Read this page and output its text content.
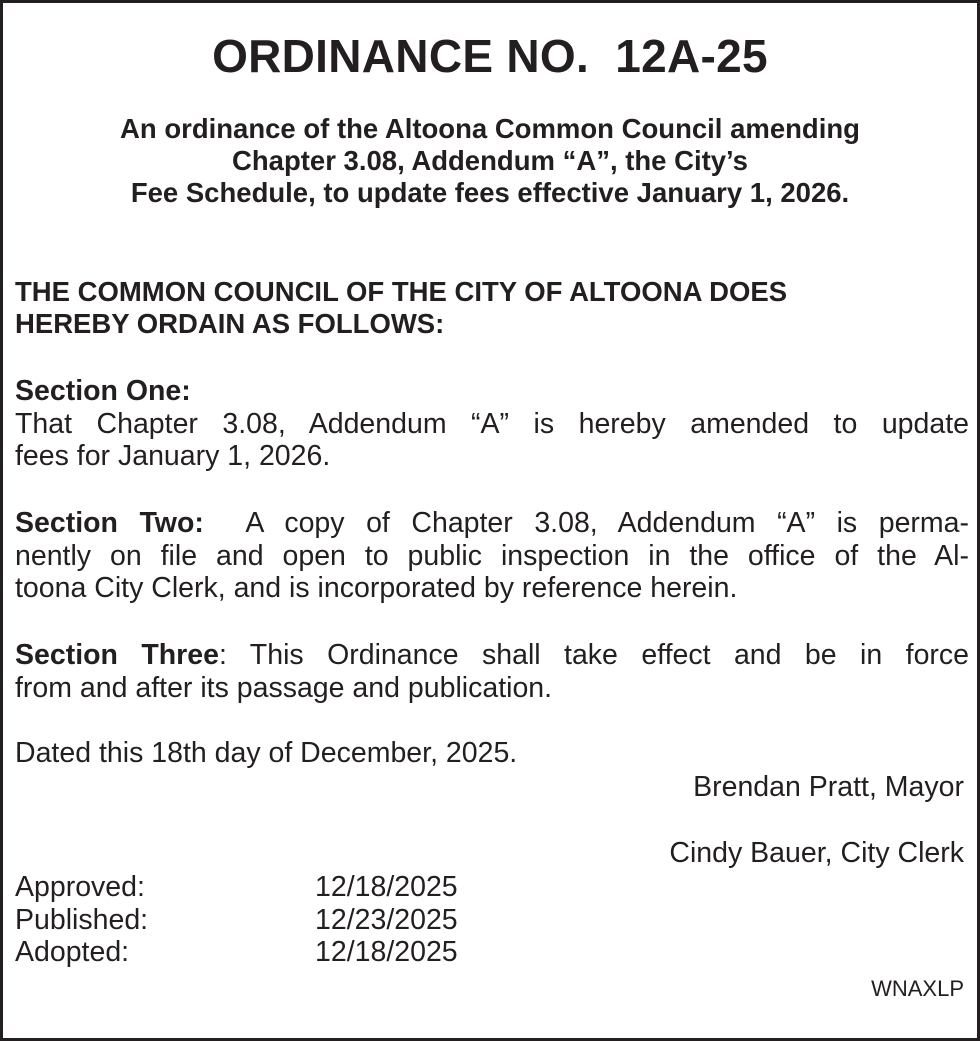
ORDINANCE NO.  12A-25
An ordinance of the Altoona Common Council amending
Chapter 3.08, Addendum “A”, the City’s
Fee Schedule, to update fees effective January 1, 2026.

THE COMMON COUNCIL OF THE CITY OF ALTOONA DOES
HEREBY ORDAIN AS FOLLOWS:

Section One:
That Chapter 3.08, Addendum “A” is hereby amended to update
fees for January 1, 2026.
Section Two:  A copy of Chapter 3.08, Addendum “A” is perma-
nently on file and open to public inspection in the office of the Al-
toona City Clerk, and is incorporated by reference herein.
Section Three: This Ordinance shall take effect and be in force
from and after its passage and publication.

Dated this 18th day of December, 2025.

Brendan Pratt, Mayor

Cindy Bauer, City Clerk

Approved:	12/18/2025
Published:	12/23/2025
Adopted:	12/18/2025

WNAXLP
